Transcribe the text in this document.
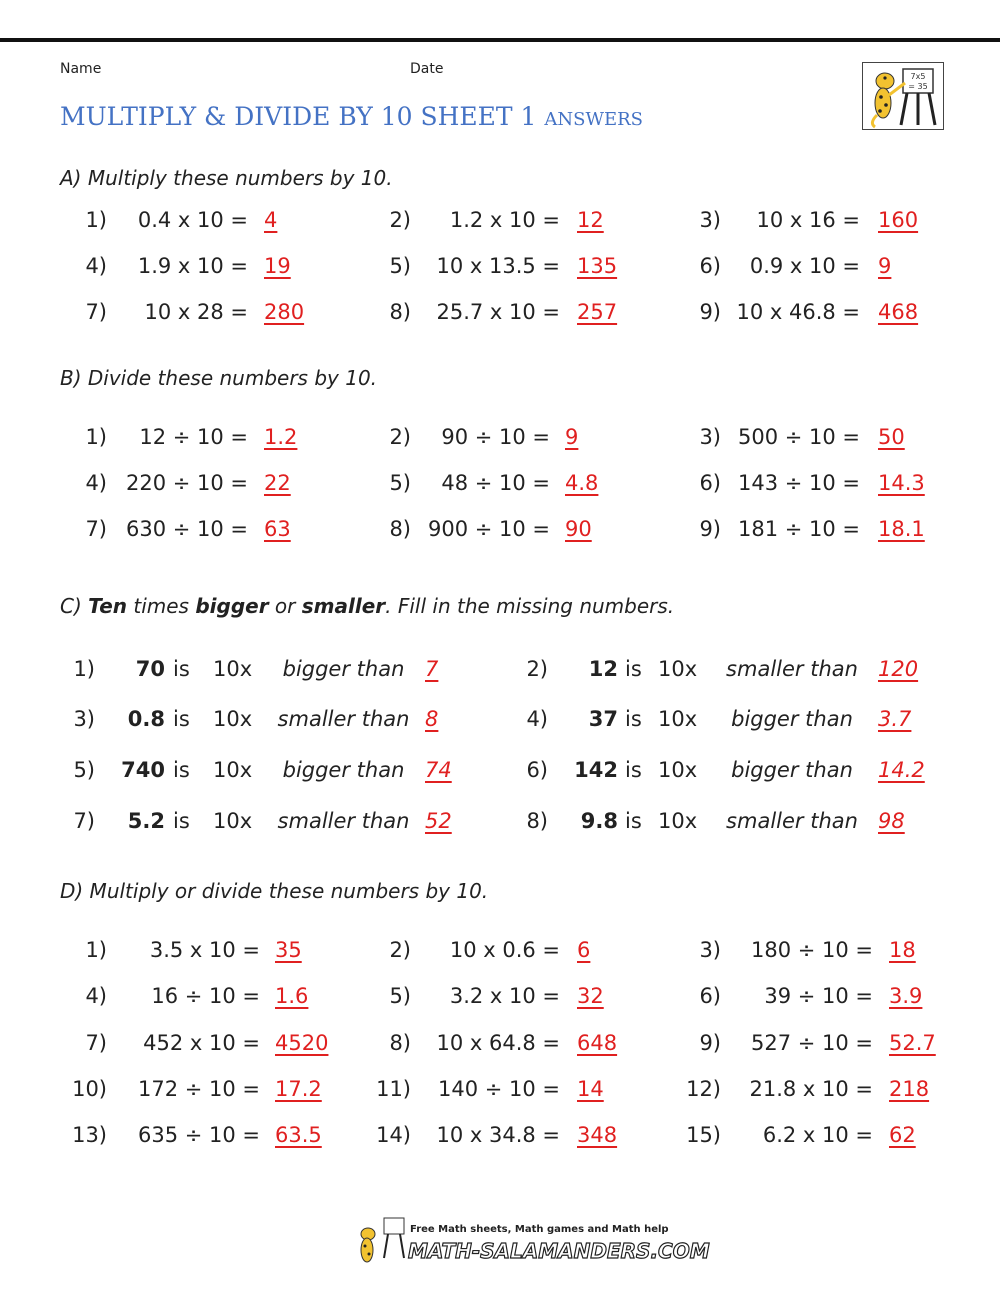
Name	Date
MULTIPLY & DIVIDE BY 10 SHEET 1 ANSWERS
7x5
= 35
A) Multiply these numbers by 10.
1)	0.4 x 10 = 4	2)	1.2 x 10 = 12	3)	10 x 16 = 160
4)	1.9 x 10 = 19	5)	10 x 13.5 = 135	6)	0.9 x 10 = 9
7)	10 x 28 = 280	8)	25.7 x 10 = 257	9) 10 x 46.8 = 468
B) Divide these numbers by 10.
1)	12 ÷ 10 = 1.2	2)	90 ÷ 10 = 9	3) 500 ÷ 10 = 50
4) 220 ÷ 10 = 22	5)	48 ÷ 10 = 4.8	6) 143 ÷ 10 = 14.3
7) 630 ÷ 10 = 63	8) 900 ÷ 10 = 90	9) 181 ÷ 10 = 18.1
C) Ten times bigger or smaller. Fill in the missing numbers.
1)	70 is 10x	bigger than 7	2)	12 is 10x smaller than 120
3)	0.8 is 10x smaller than 8	4)	37 is 10x	bigger than	3.7
5)	740 is 10x	bigger than 74	6)	142 is 10x	bigger than	14.2
7)	5.2 is 10x smaller than 52	8)	9.8 is 10x smaller than 98
D) Multiply or divide these numbers by 10.
1)	3.5 x 10 = 35	2)	10 x 0.6 = 6	3)	180 ÷ 10 = 18
4)	16 ÷ 10 = 1.6	5)	3.2 x 10 = 32	6)	39 ÷ 10 = 3.9
7)	452 x 10 = 4520	8)	10 x 64.8 = 648	9)	527 ÷ 10 = 52.7
10)	172 ÷ 10 = 17.2	11)	140 ÷ 10 = 14	12)	21.8 x 10 = 218
13)	635 ÷ 10 = 63.5	14)	10 x 34.8 = 348	15)	6.2 x 10 = 62
Free Math sheets, Math games and Math help
MATH-SALAMANDERS.COM
